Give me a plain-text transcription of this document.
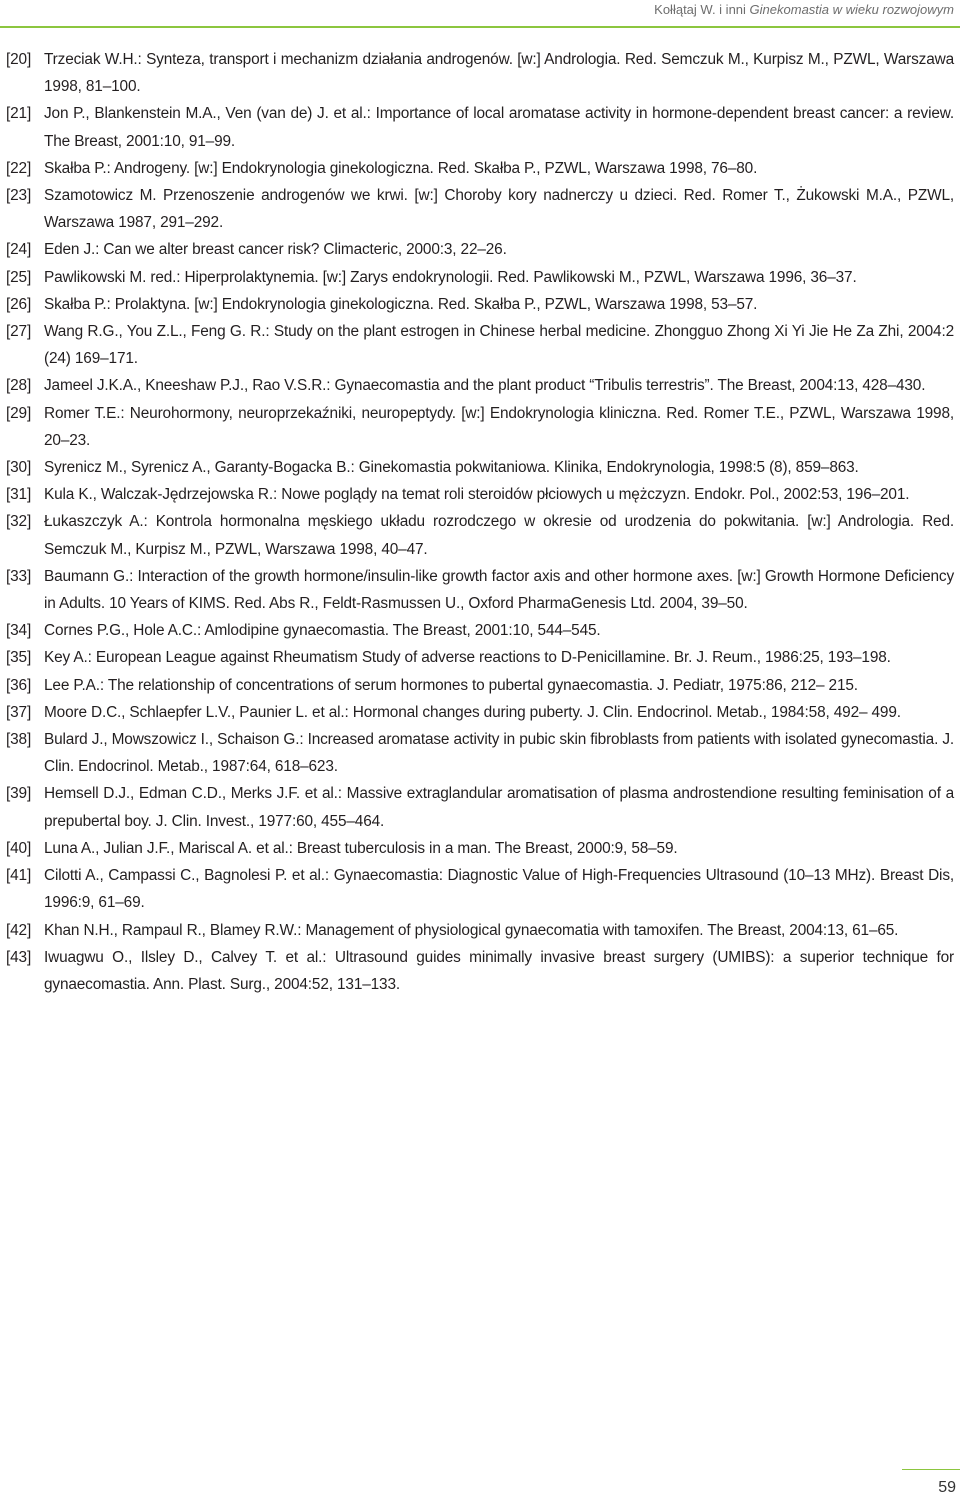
Kołłątaj W. i inni Ginekomastia w wieku rozwojowym
[20] Trzeciak W.H.: Synteza, transport i mechanizm działania androgenów. [w:] Andrologia. Red. Semczuk M., Kurpisz M., PZWL, Warszawa 1998, 81–100.
[21] Jon P., Blankenstein M.A., Ven (van de) J. et al.: Importance of local aromatase activity in hormone-dependent breast cancer: a review. The Breast, 2001:10, 91–99.
[22] Skałba P.: Androgeny. [w:] Endokrynologia ginekologiczna. Red. Skałba P., PZWL, Warszawa 1998, 76–80.
[23] Szamotowicz M. Przenoszenie androgenów we krwi. [w:] Choroby kory nadnerczy u dzieci. Red. Romer T., Żukowski M.A., PZWL, Warszawa 1987, 291–292.
[24] Eden J.: Can we alter breast cancer risk? Climacteric, 2000:3, 22–26.
[25] Pawlikowski M. red.: Hiperprolaktynemia. [w:] Zarys endokrynologii. Red. Pawlikowski M., PZWL, Warszawa 1996, 36–37.
[26] Skałba P.: Prolaktyna. [w:] Endokrynologia ginekologiczna. Red. Skałba P., PZWL, Warszawa 1998, 53–57.
[27] Wang R.G., You Z.L., Feng G. R.: Study on the plant estrogen in Chinese herbal medicine. Zhongguo Zhong Xi Yi Jie He Za Zhi, 2004:2 (24) 169–171.
[28] Jameel J.K.A., Kneeshaw P.J., Rao V.S.R.: Gynaecomastia and the plant product “Tribulis terrestris”. The Breast, 2004:13, 428–430.
[29] Romer T.E.: Neurohormony, neuroprzekaźniki, neuropeptydy. [w:] Endokrynologia kliniczna. Red. Romer T.E., PZWL, Warszawa 1998, 20–23.
[30] Syrenicz M., Syrenicz A., Garanty-Bogacka B.: Ginekomastia pokwitaniowa. Klinika, Endokrynologia, 1998:5 (8), 859–863.
[31] Kula K., Walczak-Jędrzejowska R.: Nowe poglądy na temat roli steroidów płciowych u mężczyzn. Endokr. Pol., 2002:53, 196–201.
[32] Łukaszczyk A.: Kontrola hormonalna męskiego układu rozrodczego w okresie od urodzenia do pokwitania. [w:] Andrologia. Red. Semczuk M., Kurpisz M., PZWL, Warszawa 1998, 40–47.
[33] Baumann G.: Interaction of the growth hormone/insulin-like growth factor axis and other hormone axes. [w:] Growth Hormone Deficiency in Adults. 10 Years of KIMS. Red. Abs R., Feldt-Rasmussen U., Oxford PharmaGenesis Ltd. 2004, 39–50.
[34] Cornes P.G., Hole A.C.: Amlodipine gynaecomastia. The Breast, 2001:10, 544–545.
[35] Key A.: European League against Rheumatism Study of adverse reactions to D-Penicillamine. Br. J. Reum., 1986:25, 193–198.
[36] Lee P.A.: The relationship of concentrations of serum hormones to pubertal gynaecomastia. J. Pediatr, 1975:86, 212– 215.
[37] Moore D.C., Schlaepfer L.V., Paunier L. et al.: Hormonal changes during puberty. J. Clin. Endocrinol. Metab., 1984:58, 492– 499.
[38] Bulard J., Mowszowicz I., Schaison G.: Increased aromatase activity in pubic skin fibroblasts from patients with isolated gynecomastia. J. Clin. Endocrinol. Metab., 1987:64, 618–623.
[39] Hemsell D.J., Edman C.D., Merks J.F. et al.: Massive extraglandular aromatisation of plasma androstendione resulting feminisation of a prepubertal boy. J. Clin. Invest., 1977:60, 455–464.
[40] Luna A., Julian J.F., Mariscal A. et al.: Breast tuberculosis in a man. The Breast, 2000:9, 58–59.
[41] Cilotti A., Campassi C., Bagnolesi P. et al.: Gynaecomastia: Diagnostic Value of High-Frequencies Ultrasound (10–13 MHz). Breast Dis, 1996:9, 61–69.
[42] Khan N.H., Rampaul R., Blamey R.W.: Management of physiological gynaecomatia with tamoxifen. The Breast, 2004:13, 61–65.
[43] Iwuagwu O., Ilsley D., Calvey T. et al.: Ultrasound guides minimally invasive breast surgery (UMIBS): a superior technique for gynaecomastia. Ann. Plast. Surg., 2004:52, 131–133.
59
